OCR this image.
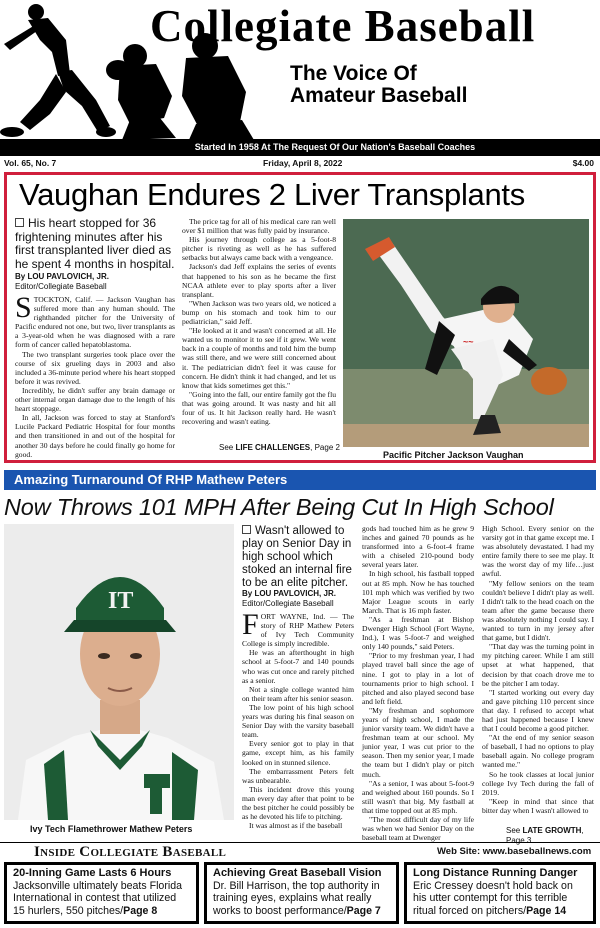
Collegiate Baseball
The Voice Of
Amateur Baseball
Started In 1958 At The Request Of Our Nation's Baseball Coaches
Vol. 65, No. 7	Friday, April 8, 2022	$4.00
Vaughan Endures 2 Liver Transplants
His heart stopped for 36 frightening minutes after his first transplanted liver died as he spent 4 months in hospital.
By LOU PAVLOVICH, JR.
Editor/Collegiate Baseball

STOCKTON, Calif. — Jackson Vaughan has suffered more than any human should. The righthanded pitcher for the University of Pacific endured not one, but two, liver transplants as a 3-year-old when he was diagnosed with a rare form of cancer called hepatoblastoma.

The two transplant surgeries took place over the course of six grueling days in 2003 and also included a 36-minute period where his heart stopped before it was revived.

Incredibly, he didn't suffer any brain damage or other internal organ damage due to the length of his heart stoppage.

In all, Jackson was forced to stay at Stanford's Lucile Packard Pediatric Hospital for four months and then transitioned in and out of the hospital for another 30 days before he could finally go home for good.

The price tag for all of his medical care ran well over $1 million that was fully paid by insurance.

His journey through college as a 5-foot-8 pitcher is riveting as well as he has suffered setbacks but always came back with a vengeance.

Jackson's dad Jeff explains the series of events that happened to his son as he became the first NCAA athlete ever to play sports after a liver transplant.

"When Jackson was two years old, we noticed a bump on his stomach and took him to our pediatrician," said Jeff.

"He looked at it and wasn't concerned at all. He wanted us to monitor it to see if it grew. We went back in a couple of months and told him the bump was still there, and we were still concerned about it. The pediatrician didn't feel it was cause for concern. He didn't think it had changed, and let us know that kids sometimes get this."

"Going into the fall, our entire family got the flu that was going around. It was nasty and hit all four of us. It hit Jackson really hard. He wasn't recovering and wasn't eating.

See LIFE CHALLENGES, Page 2
~~
Pacific Pitcher Jackson Vaughan
Amazing Turnaround Of RHP Mathew Peters
Now Throws 101 MPH After Being Cut In High School
IT
Ivy Tech Flamethrower Mathew Peters
Wasn't allowed to play on Senior Day in high school which stoked an internal fire to be an elite pitcher.
By LOU PAVLOVICH, JR.
Editor/Collegiate Baseball

FORT WAYNE, Ind. — The story of RHP Mathew Peters of Ivy Tech Community College is simply incredible.

He was an afterthought in high school at 5-foot-7 and 140 pounds who was cut once and rarely pitched as a senior.

Not a single college wanted him on their team after his senior season.

The low point of his high school years was during his final season on Senior Day with the varsity baseball team.

Every senior got to play in that game, except him, as his family looked on in stunned silence.

The embarrassment Peters felt was unbearable.

This incident drove this young man every day after that point to be the best pitcher he could possibly be as he devoted his life to pitching.

It was almost as if the baseball

gods had touched him as he grew 9 inches and gained 70 pounds as he transformed into a 6-foot-4 frame with a chiseled 210-pound body several years later.

In high school, his fastball topped out at 85 mph. Now he has touched 101 mph which was verified by two Major League scouts in early March. That is 16 mph faster.

"As a freshman at Bishop Dwenger High School (Fort Wayne, Ind.), I was 5-foot-7 and weighed only 140 pounds," said Peters.

"Prior to my freshman year, I had played travel ball since the age of nine. I got to play in a lot of tournaments prior to high school. I pitched and also played second base and left field.

"My freshman and sophomore years of high school, I made the junior varsity team. We didn't have a freshman team at our school. My junior year, I was cut prior to the season. Then my senior year, I made the team but I didn't play or pitch much.

"As a senior, I was about 5-foot-9 and weighed about 160 pounds. So I still wasn't that big. My fastball at that time topped out at 85 mph.

"The most difficult day of my life was when we had Senior Day on the baseball team at Dwenger

High School. Every senior on the varsity got in that game except me. I was absolutely devastated. I had my entire family there to see me play. It was the worst day of my life…just awful.

"My fellow seniors on the team couldn't believe I didn't play as well. I didn't talk to the head coach on the team after the game because there was absolutely nothing I could say. I wanted to turn in my jersey after that game, but I didn't.

"That day was the turning point in my pitching career. While I am still upset at what happened, that decision by that coach drove me to be the pitcher I am today.

"I started working out every day and gave pitching 110 percent since that day. I refused to accept what had just happened because I knew that I could become a good pitcher.

"At the end of my senior season of baseball, I had no options to play baseball again. No college program wanted me."

So he took classes at local junior college Ivy Tech during the fall of 2019.

"Keep in mind that since that bitter day when I wasn't allowed to

See LATE GROWTH, Page 3
Inside Collegiate Baseball	Web Site: www.baseballnews.com
20-Inning Game Lasts 6 Hours
Jacksonville ultimately beats Florida International in contest that utilized 15 hurlers, 550 pitches/Page 8
Achieving Great Baseball Vision
Dr. Bill Harrison, the top authority in training eyes, explains what really works to boost performance/Page 7
Long Distance Running Danger
Eric Cressey doesn't hold back on his utter contempt for this terrible ritual forced on pitchers/Page 14
